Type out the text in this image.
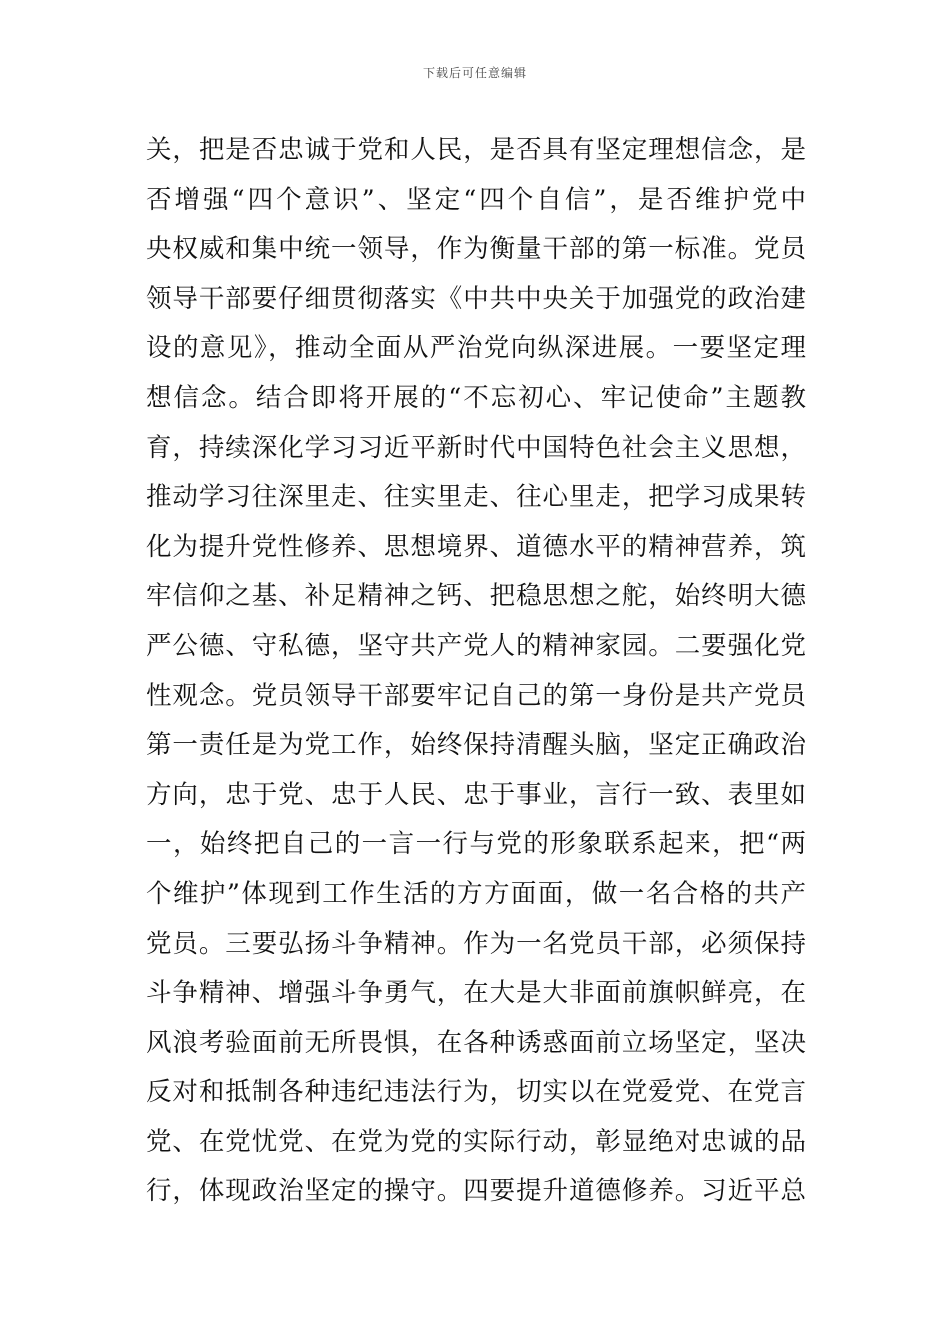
下载后可任意编辑
关，把是否忠诚于党和人民，是否具有坚定理想信念，是
否增强“四个意识”、坚定“四个自信”，是否维护党中
央权威和集中统一领导，作为衡量干部的第一标准。党员
领导干部要仔细贯彻落实《中共中央关于加强党的政治建
设的意见》，推动全面从严治党向纵深进展。一要坚定理
想信念。结合即将开展的“不忘初心、牢记使命”主题教
育，持续深化学习习近平新时代中国特色社会主义思想，
推动学习往深里走、往实里走、往心里走，把学习成果转
化为提升党性修养、思想境界、道德水平的精神营养，筑
牢信仰之基、补足精神之钙、把稳思想之舵，始终明大德
严公德、守私德，坚守共产党人的精神家园。二要强化党
性观念。党员领导干部要牢记自己的第一身份是共产党员
第一责任是为党工作，始终保持清醒头脑，坚定正确政治
方向，忠于党、忠于人民、忠于事业，言行一致、表里如
一，始终把自己的一言一行与党的形象联系起来，把“两
个维护”体现到工作生活的方方面面，做一名合格的共产
党员。三要弘扬斗争精神。作为一名党员干部，必须保持
斗争精神、增强斗争勇气，在大是大非面前旗帜鲜亮，在
风浪考验面前无所畏惧，在各种诱惑面前立场坚定，坚决
反对和抵制各种违纪违法行为，切实以在党爱党、在党言
党、在党忧党、在党为党的实际行动，彰显绝对忠诚的品
行，体现政治坚定的操守。四要提升道德修养。习近平总
